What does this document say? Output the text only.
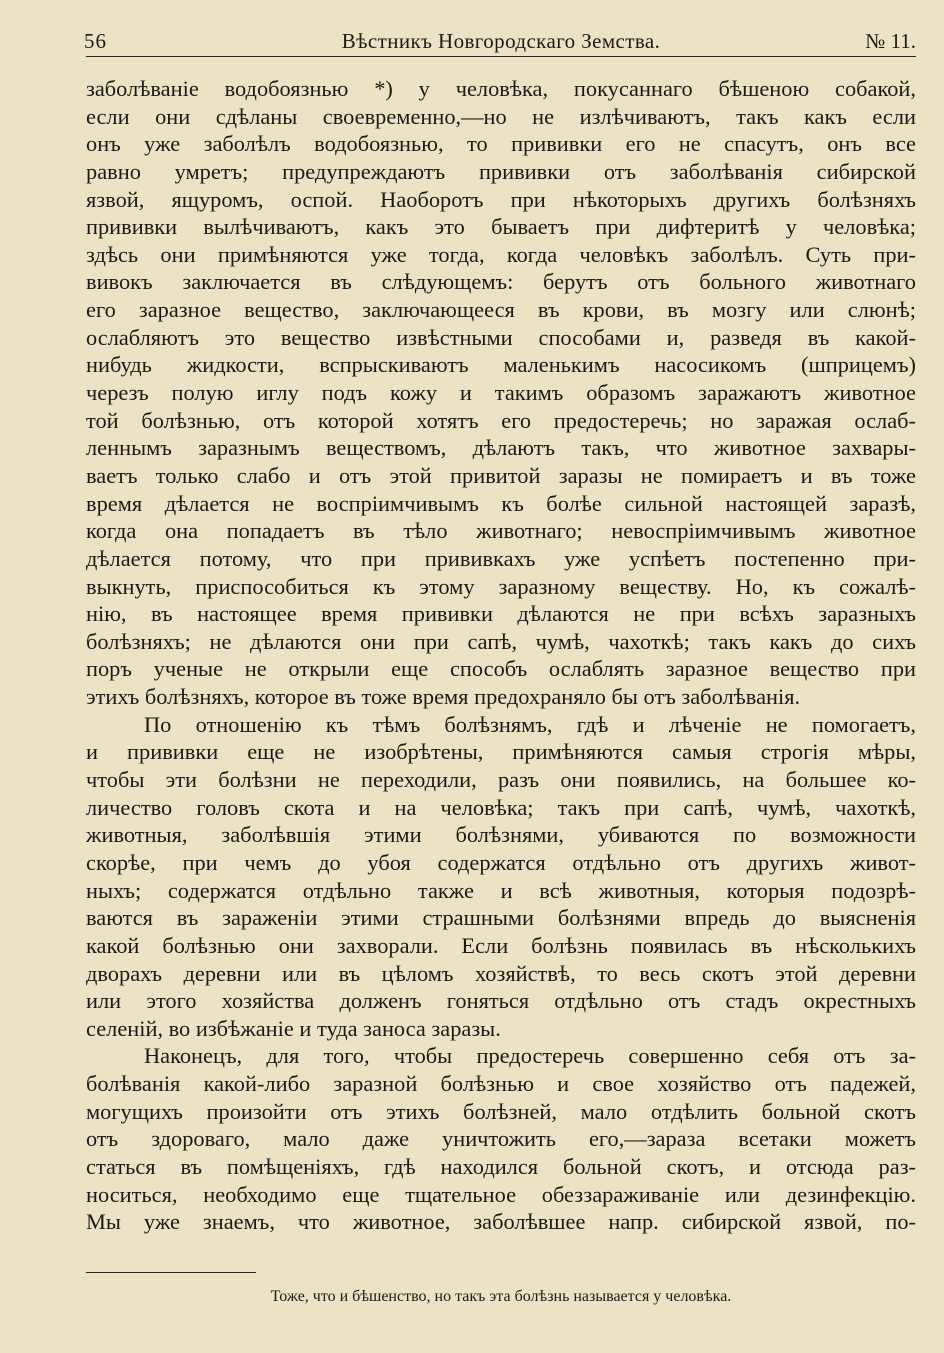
56	Вѣстникъ Новгородскаго Земства.	№ 11.
заболѣваніе водобоязнью *) у человѣка, покусаннаго бѣшеною собакой,
если они сдѣланы своевременно,—но не излѣчиваютъ, такъ какъ если
онъ уже заболѣлъ водобоязнью, то прививки его не спасутъ, онъ все
равно умретъ; предупреждаютъ прививки отъ заболѣванія сибирской
язвой, ящуромъ, оспой. Наоборотъ при нѣкоторыхъ другихъ болѣзняхъ
прививки вылѣчиваютъ, какъ это бываетъ при дифтеритѣ у человѣка;
здѣсь они примѣняются уже тогда, когда человѣкъ заболѣлъ. Суть при-
вивокъ заключается въ слѣдующемъ: берутъ отъ больного животнаго
его заразное вещество, заключающееся въ крови, въ мозгу или слюнѣ;
ослабляютъ это вещество извѣстными способами и, разведя въ какой-
нибудь жидкости, вспрыскиваютъ маленькимъ насосикомъ (шприцемъ)
черезъ полую иглу подъ кожу и такимъ образомъ заражаютъ животное
той болѣзнью, отъ которой хотятъ его предостеречь; но заражая ослаб-
леннымъ заразнымъ веществомъ, дѣлаютъ такъ, что животное захвары-
ваетъ только слабо и отъ этой привитой заразы не помираетъ и въ тоже
время дѣлается не воспріимчивымъ къ болѣе сильной настоящей заразѣ,
когда она попадаетъ въ тѣло животнаго; невоспріимчивымъ животное
дѣлается потому, что при прививкахъ уже успѣетъ постепенно при-
выкнуть, приспособиться къ этому заразному веществу. Но, къ сожалѣ-
нію, въ настоящее время прививки дѣлаются не при всѣхъ заразныхъ
болѣзняхъ; не дѣлаются они при сапѣ, чумѣ, чахоткѣ; такъ какъ до сихъ
поръ ученые не открыли еще способъ ослаблять заразное вещество при
этихъ болѣзняхъ, которое въ тоже время предохраняло бы отъ заболѣванія.
По отношенію къ тѣмъ болѣзнямъ, гдѣ и лѣченіе не помогаетъ,
и прививки еще не изобрѣтены, примѣняются самыя строгія мѣры,
чтобы эти болѣзни не переходили, разъ они появились, на большее ко-
личество головъ скота и на человѣка; такъ при сапѣ, чумѣ, чахоткѣ,
животныя, заболѣвшія этими болѣзнями, убиваются по возможности
скорѣе, при чемъ до убоя содержатся отдѣльно отъ другихъ живот-
ныхъ; содержатся отдѣльно также и всѣ животныя, которыя подозрѣ-
ваются въ зараженіи этими страшными болѣзнями впредь до выясненія
какой болѣзнью они захворали. Если болѣзнь появилась въ нѣсколькихъ
дворахъ деревни или въ цѣломъ хозяйствѣ, то весь скотъ этой деревни
или этого хозяйства долженъ гоняться отдѣльно отъ стадъ окрестныхъ
селеній, во избѣжаніе и туда заноса заразы.
Наконецъ, для того, чтобы предостеречь совершенно себя отъ за-
болѣванія какой-либо заразной болѣзнью и свое хозяйство отъ падежей,
могущихъ произойти отъ этихъ болѣзней, мало отдѣлить больной скотъ
отъ здороваго, мало даже уничтожить его,—зараза всетаки можетъ
статься въ помѣщеніяхъ, гдѣ находился больной скотъ, и отсюда раз-
носиться, необходимо еще тщательное обеззараживаніе или дезинфекцію.
Мы уже знаемъ, что животное, заболѣвшее напр. сибирской язвой, по-
Тоже, что и бѣшенство, но такъ эта болѣзнь называется у человѣка.
